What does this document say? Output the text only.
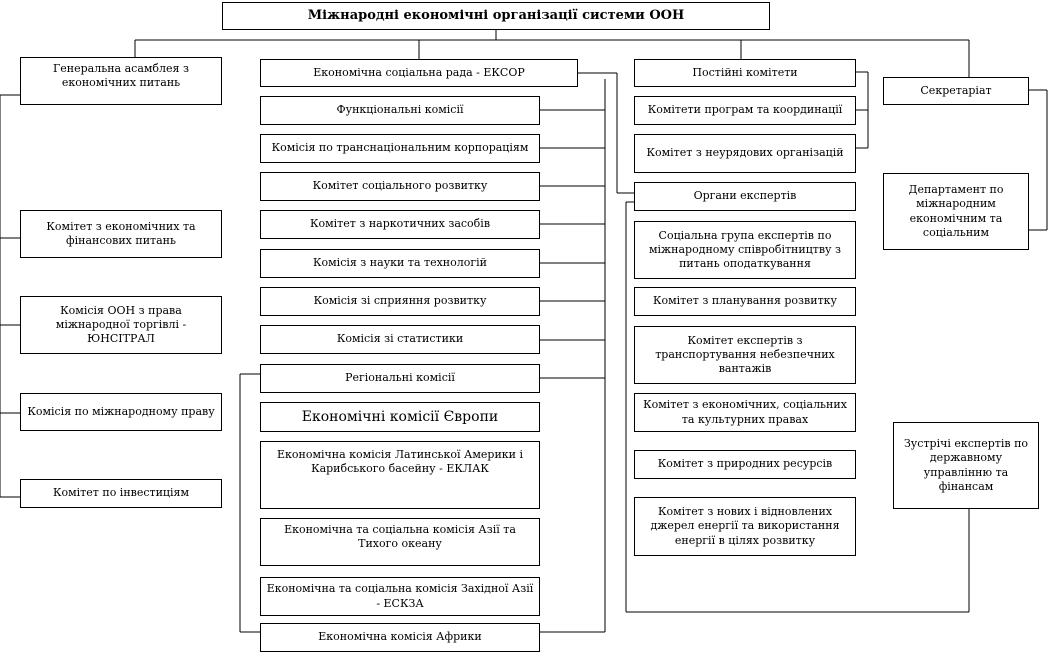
Міжнародні економічні організації системи ООН
Генеральна асамблея з економічних питань
Комітет з економічних та фінансових питань
Комісія ООН з права міжнародної торгівлі - ЮНСІТРАЛ
Комісія по міжнародному праву
Комітет по інвестиціям
Економічна соціальна рада - ЕКСОР
Функціональні комісії
Комісія по транснаціональним корпораціям
Комітет соціального розвитку
Комітет з наркотичних засобів
Комісія з науки та технологій
Комісія зі сприяння розвитку
Комісія зі статистики
Регіональні комісії
Економічні комісії Європи
Економічна комісія Латинської Америки і Карибського басейну - ЕКЛАК
Економічна та соціальна комісія Азії та Тихого океану
Економічна та соціальна комісія Західної Азії - ЕСКЗА
Економічна комісія Африки
Постійні комітети
Комітети програм та координації
Комітет з неурядових організацій
Органи експертів
Соціальна група експертів по міжнародному співробітництву з питань оподаткування
Комітет з планування розвитку
Комітет експертів з транспортування небезпечних вантажів
Комітет з економічних, соціальних та культурних правах
Комітет з природних ресурсів
Комітет з нових і відновлених джерел енергії та використання енергії в цілях розвитку
Секретаріат
Департамент по міжнародним економічним та соціальним
Зустрічі експертів по державному управлінню та фінансам
